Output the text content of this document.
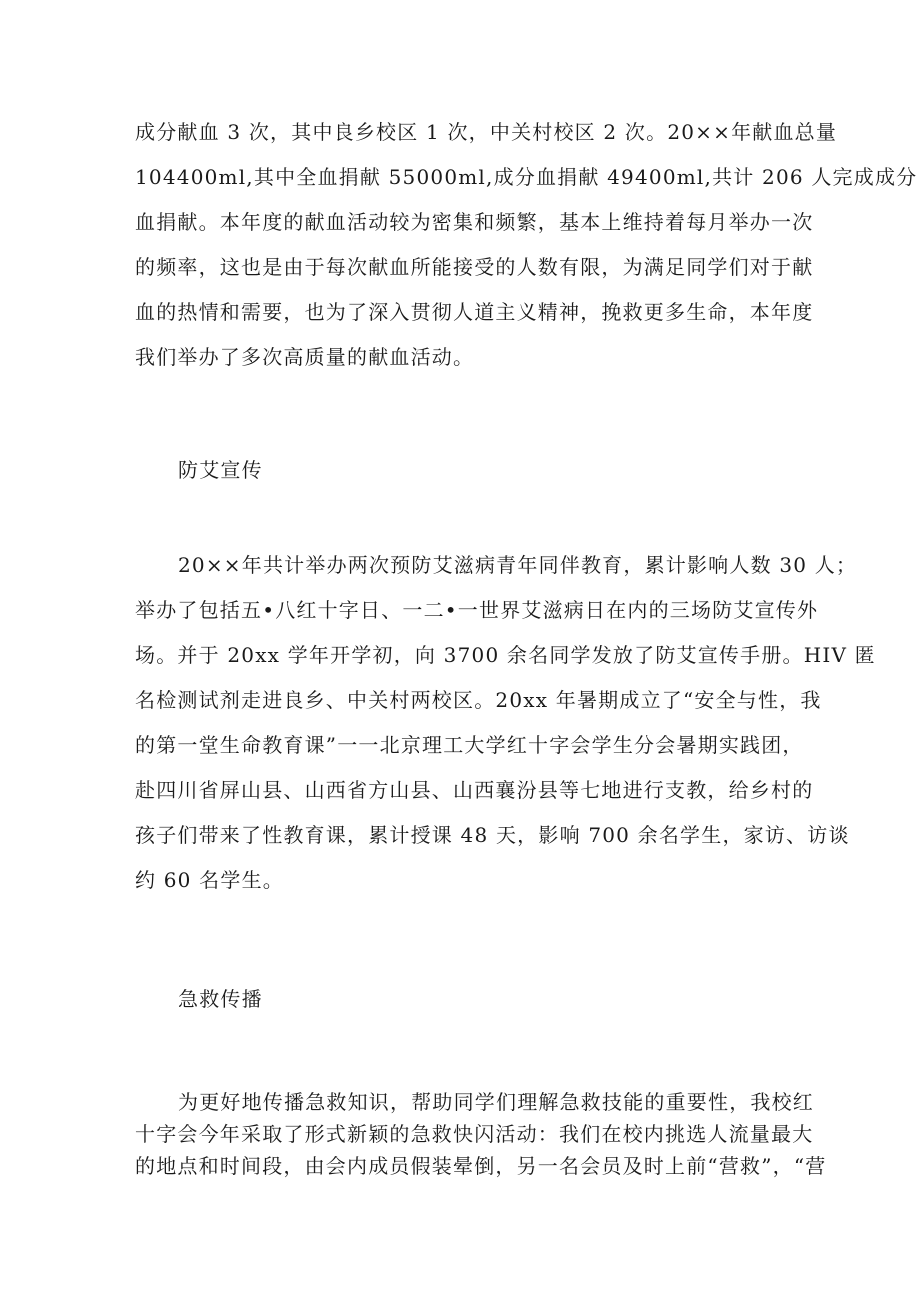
成分献血 3 次，其中良乡校区 1 次，中关村校区 2 次。20××年献血总量
104400ml,其中全血捐献 55000ml,成分血捐献 49400ml,共计 206 人完成成分
血捐献。本年度的献血活动较为密集和频繁，基本上维持着每月举办一次
的频率，这也是由于每次献血所能接受的人数有限，为满足同学们对于献
血的热情和需要，也为了深入贯彻人道主义精神，挽救更多生命，本年度
我们举办了多次高质量的献血活动。
防艾宣传
20××年共计举办两次预防艾滋病青年同伴教育，累计影响人数 30 人；
举办了包括五•八红十字日、一二•一世界艾滋病日在内的三场防艾宣传外
场。并于 20xx 学年开学初，向 3700 余名同学发放了防艾宣传手册。HIV 匿
名检测试剂走进良乡、中关村两校区。20xx 年暑期成立了“安全与性，我
的第一堂生命教育课”一一北京理工大学红十字会学生分会暑期实践团，
赴四川省屏山县、山西省方山县、山西襄汾县等七地进行支教，给乡村的
孩子们带来了性教育课，累计授课 48 天，影响 700 余名学生，家访、访谈
约 60 名学生。
急救传播
为更好地传播急救知识，帮助同学们理解急救技能的重要性，我校红
十字会今年采取了形式新颖的急救快闪活动：我们在校内挑选人流量最大
的地点和时间段，由会内成员假装晕倒，另一名会员及时上前“营救”，“营
